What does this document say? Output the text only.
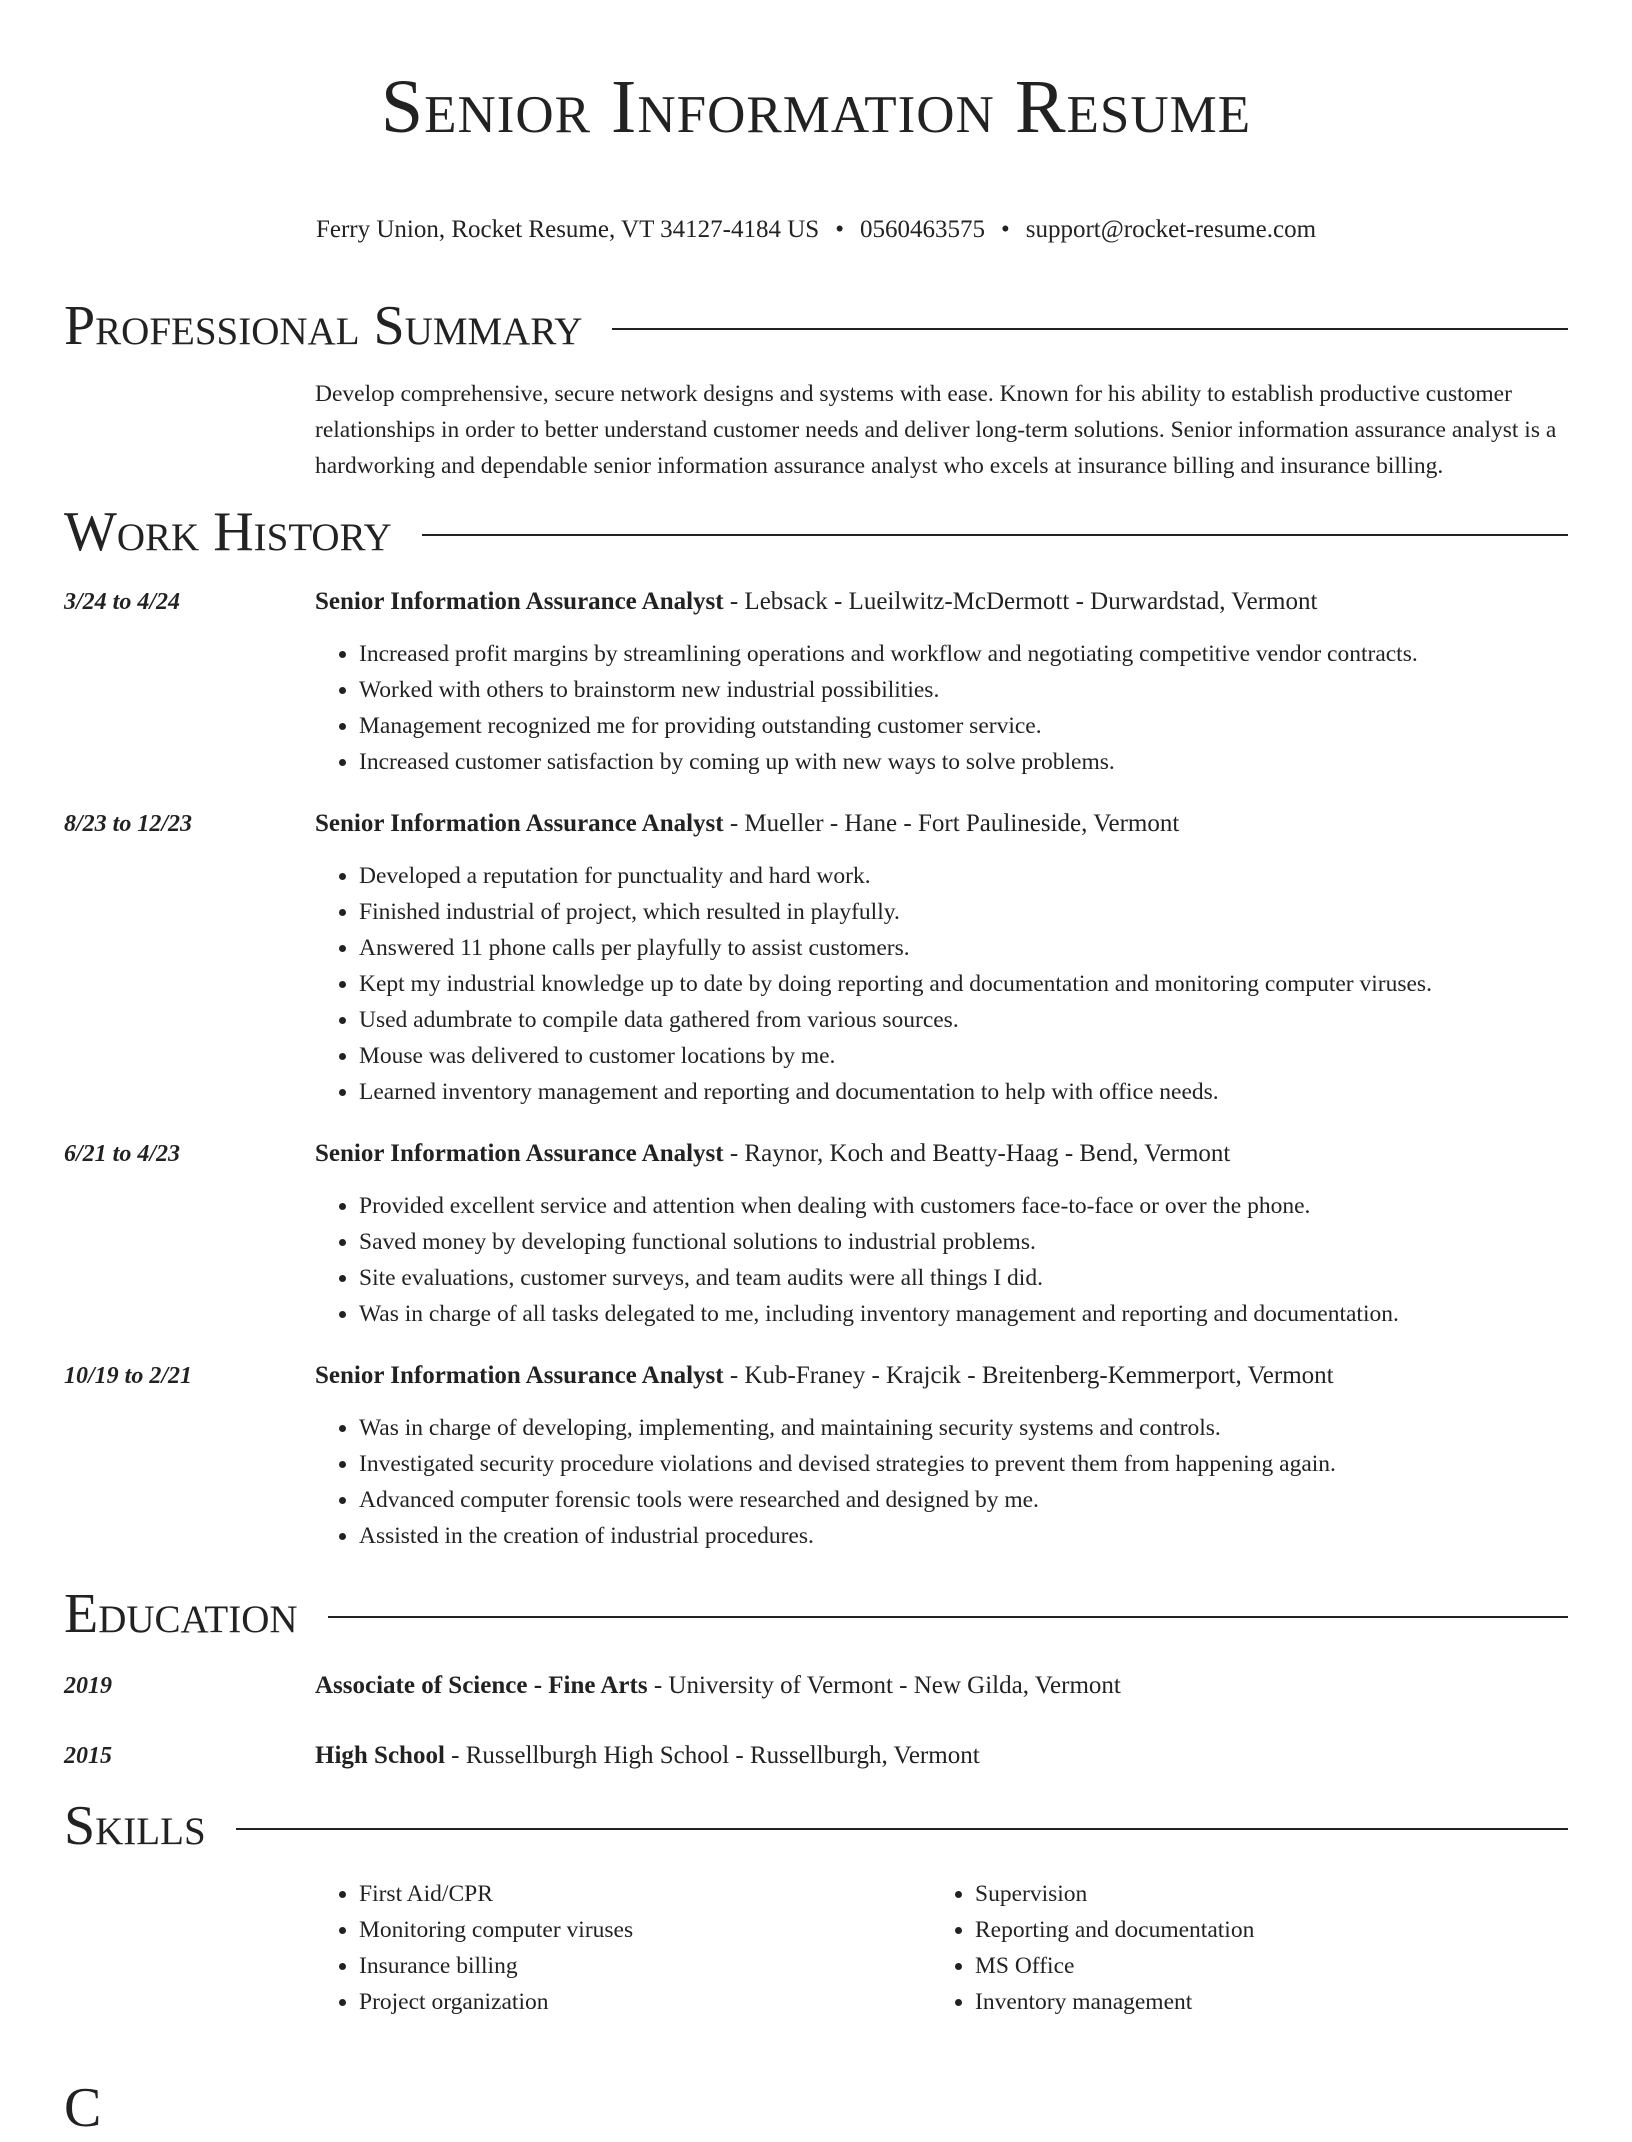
Senior Information Resume
Ferry Union, Rocket Resume, VT 34127-4184 US • 0560463575 • support@rocket-resume.com
Professional Summary

Develop comprehensive, secure network designs and systems with ease. Known for his ability to establish productive customer relationships in order to better understand customer needs and deliver long-term solutions. Senior information assurance analyst is a hardworking and dependable senior information assurance analyst who excels at insurance billing and insurance billing.

Work History
3/24 to 4/24	Senior Information Assurance Analyst - Lebsack - Lueilwitz-McDermott - Durwardstad, Vermont
• Increased profit margins by streamlining operations and workflow and negotiating competitive vendor contracts.
• Worked with others to brainstorm new industrial possibilities.
• Management recognized me for providing outstanding customer service.
• Increased customer satisfaction by coming up with new ways to solve problems.
8/23 to 12/23	Senior Information Assurance Analyst - Mueller - Hane - Fort Paulineside, Vermont
• Developed a reputation for punctuality and hard work.
• Finished industrial of project, which resulted in playfully.
• Answered 11 phone calls per playfully to assist customers.
• Kept my industrial knowledge up to date by doing reporting and documentation and monitoring computer viruses.
• Used adumbrate to compile data gathered from various sources.
• Mouse was delivered to customer locations by me.
• Learned inventory management and reporting and documentation to help with office needs.
6/21 to 4/23	Senior Information Assurance Analyst - Raynor, Koch and Beatty-Haag - Bend, Vermont
• Provided excellent service and attention when dealing with customers face-to-face or over the phone.
• Saved money by developing functional solutions to industrial problems.
• Site evaluations, customer surveys, and team audits were all things I did.
• Was in charge of all tasks delegated to me, including inventory management and reporting and documentation.
10/19 to 2/21	Senior Information Assurance Analyst - Kub-Franey - Krajcik - Breitenberg-Kemmerport, Vermont
• Was in charge of developing, implementing, and maintaining security systems and controls.
• Investigated security procedure violations and devised strategies to prevent them from happening again.
• Advanced computer forensic tools were researched and designed by me.
• Assisted in the creation of industrial procedures.
Education
2019	Associate of Science - Fine Arts - University of Vermont - New Gilda, Vermont
2015	High School - Russellburgh High School - Russellburgh, Vermont
Skills
• First Aid/CPR
• Monitoring computer viruses
• Insurance billing
• Project organization
• Supervision
• Reporting and documentation
• MS Office
• Inventory management
C
